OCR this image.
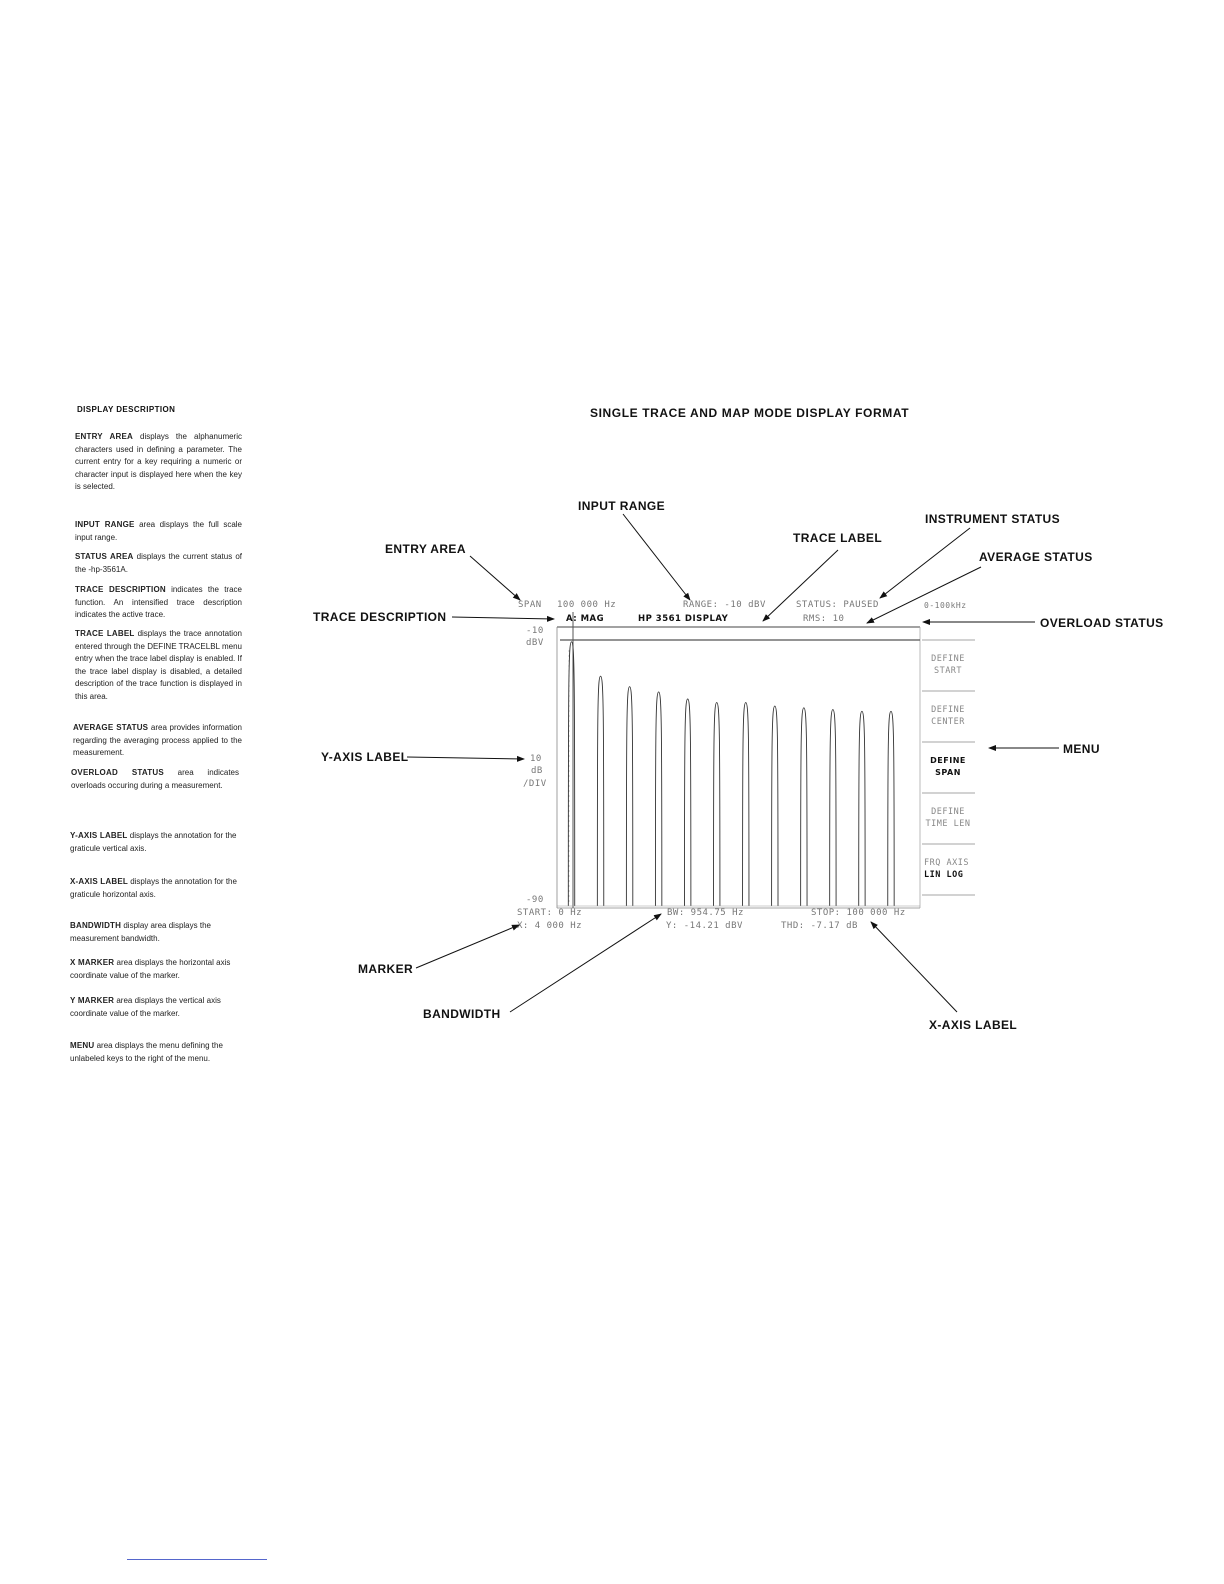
DISPLAY DESCRIPTION
ENTRY AREA displays the alphanumeric characters used in defining a parameter. The current entry for a key requiring a numeric or character input is displayed here when the key is selected.
INPUT RANGE area displays the full scale input range.
STATUS AREA displays the current status of the -hp-3561A.
TRACE DESCRIPTION indicates the trace function. An intensified trace description indicates the active trace.
TRACE LABEL displays the trace annotation entered through the DEFINE TRACELBL menu entry when the trace label display is enabled. If the trace label display is disabled, a detailed description of the trace function is displayed in this area.
AVERAGE STATUS area provides information regarding the averaging process applied to the measurement.
OVERLOAD STATUS area indicates overloads occuring during a measurement.
Y-AXIS LABEL displays the annotation for the graticule vertical axis.
X-AXIS LABEL displays the annotation for the graticule horizontal axis.
BANDWIDTH display area displays the measurement bandwidth.
X MARKER area displays the horizontal axis coordinate value of the marker.
Y MARKER area displays the vertical axis coordinate value of the marker.
MENU area displays the menu defining the unlabeled keys to the right of the menu.
SINGLE TRACE AND MAP MODE DISPLAY FORMAT
INPUT RANGE
INSTRUMENT STATUS
TRACE LABEL
AVERAGE STATUS
ENTRY AREA
TRACE DESCRIPTION	OVERLOAD STATUS
Y-AXIS LABEL
MENU
MARKER
BANDWIDTH
X-AXIS LABEL
SPAN 100 000 Hz	RANGE: -10 dBV	STATUS: PAUSED	0-100kHz
A: MAG	HP 3561 DISPLAY	RMS: 10
-10
dBV
10
dB
/DIV
-90
START: 0 Hz	BW: 954.75 Hz	STOP: 100 000 Hz
X: 4 000 Hz	Y: -14.21 dBV	THD: -7.17 dB
DEFINE
START
DEFINE
CENTER
DEFINE
SPAN
DEFINE
TIME LEN
FRQ AXIS
LIN LOG
